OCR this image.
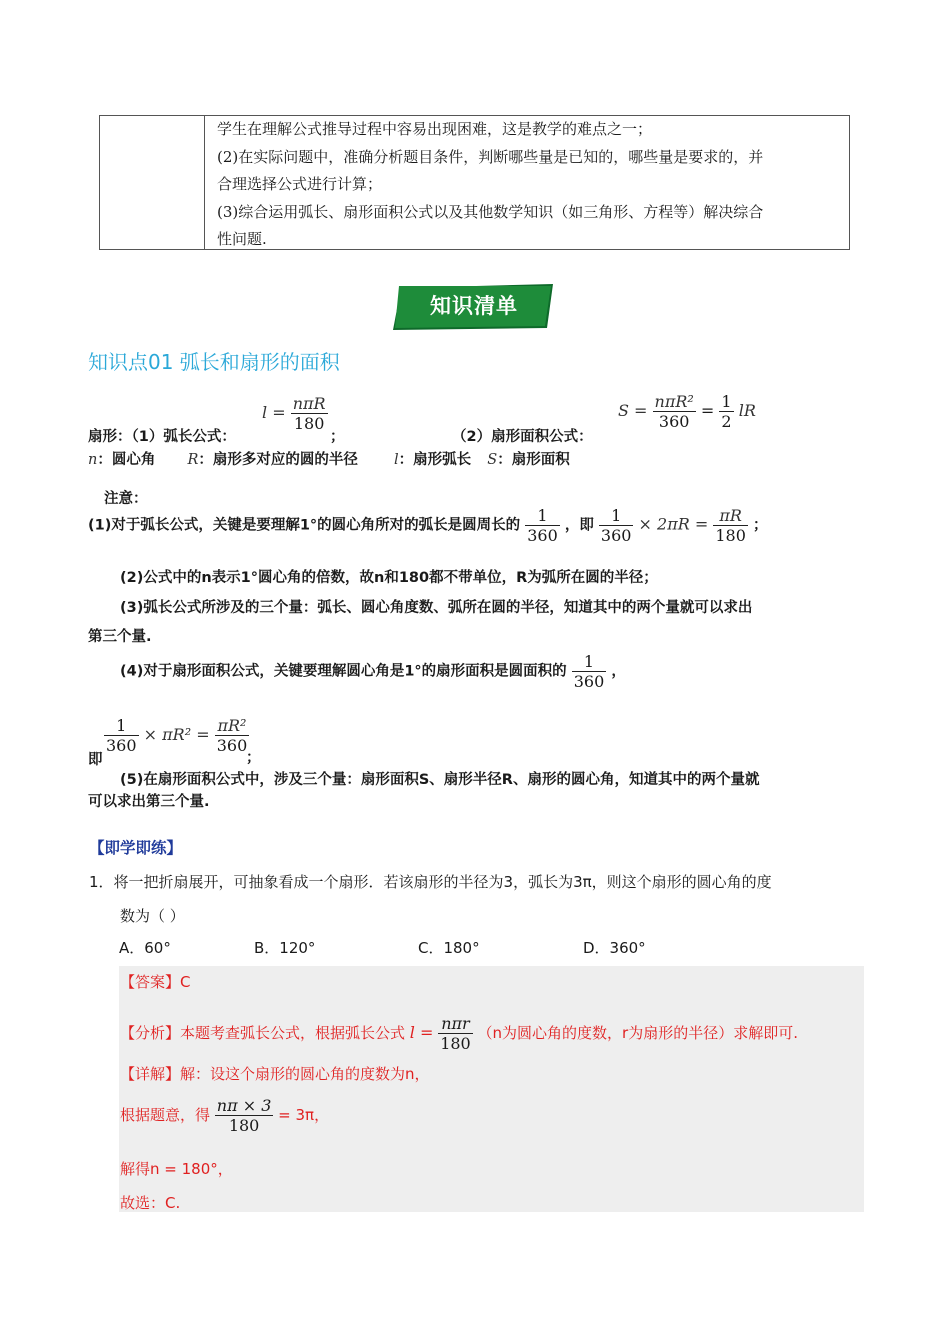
学生在理解公式推导过程中容易出现困难，这是教学的难点之一；
(2)在实际问题中，准确分析题目条件，判断哪些量是已知的，哪些量是要求的，并
合理选择公式进行计算；
(3)综合运用弧长、扇形面积公式以及其他数学知识（如三角形、方程等）解决综合
性问题.
知识清单
知识点01 弧长和扇形的面积
扇形：（1）弧长公式：
$l = \frac{\text{nπR}}{180}$
；	（2）扇形面积公式：
$S = \frac{\text{nπR²}}{360} = \frac{1}{2}$ lR
n：圆心角 R：扇形多对应的圆的半径 l：扇形弧长 S：扇形面积
注意：
(1)对于弧长公式，关键是要理解1°的圆心角所对的弧长是圆周长的 $\frac{1}{360}$ ，即 $\frac{1}{360} \times 2\pi R = \frac{\pi R}{180}$ ；
(2)公式中的n表示1°圆心角的倍数，故n和180都不带单位，R为弧所在圆的半径；
(3)弧长公式所涉及的三个量：弧长、圆心角度数、弧所在圆的半径，知道其中的两个量就可以求出
第三个量.
(4)对于扇形面积公式，关键要理解圆心角是1°的扇形面积是圆面积的 $\frac{1}{360}$ ，
$\frac{1}{360} \times \pi R^2 = \frac{\text{πR²}}{360}$
即	；
(5)在扇形面积公式中，涉及三个量：扇形面积S、扇形半径R、扇形的圆心角，知道其中的两个量就
可以求出第三个量.
【即学即练】
1．将一把折扇展开，可抽象看成一个扇形．若该扇形的半径为3，弧长为3π，则这个扇形的圆心角的度
数为（ ）
A．60°	B．120°	C．180°	D．360°
【答案】C
【分析】本题考查弧长公式，根据弧长公式 $l = \frac{\text{nπr}}{180} (n$为圆心角的度数，r为扇形的半径）求解即可.
【详解】解：设这个扇形的圆心角的度数为n，
根据题意，得 $\frac{n\pi \times 3}{180} = 3\pi$，
解得n = 180°，
故选：C.
